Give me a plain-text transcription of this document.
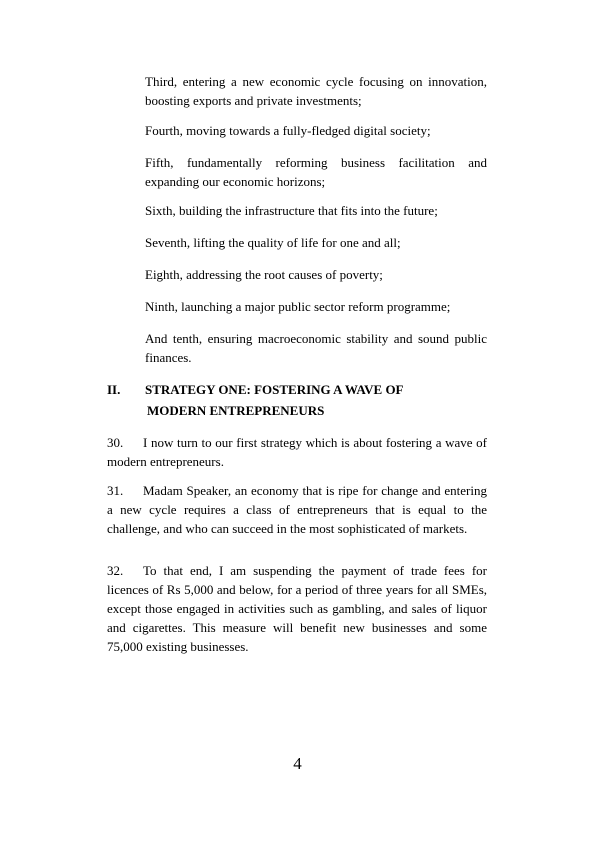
Third, entering a new economic cycle focusing on innovation, boosting exports and private investments;

Fourth, moving towards a fully-fledged digital society;

Fifth, fundamentally reforming business facilitation and expanding our economic horizons;

Sixth, building the infrastructure that fits into the future;

Seventh, lifting the quality of life for one and all;

Eighth, addressing the root causes of poverty;

Ninth, launching a major public sector reform programme;

And tenth, ensuring macroeconomic stability and sound public finances.

II. STRATEGY ONE: FOSTERING A WAVE OF
MODERN ENTREPRENEURS

30. I now turn to our first strategy which is about fostering a wave of modern entrepreneurs.

31. Madam Speaker, an economy that is ripe for change and entering a new cycle requires a class of entrepreneurs that is equal to the challenge, and who can succeed in the most sophisticated of markets.

32. To that end, I am suspending the payment of trade fees for licences of Rs 5,000 and below, for a period of three years for all SMEs, except those engaged in activities such as gambling, and sales of liquor and cigarettes. This measure will benefit new businesses and some 75,000 existing businesses.

4
